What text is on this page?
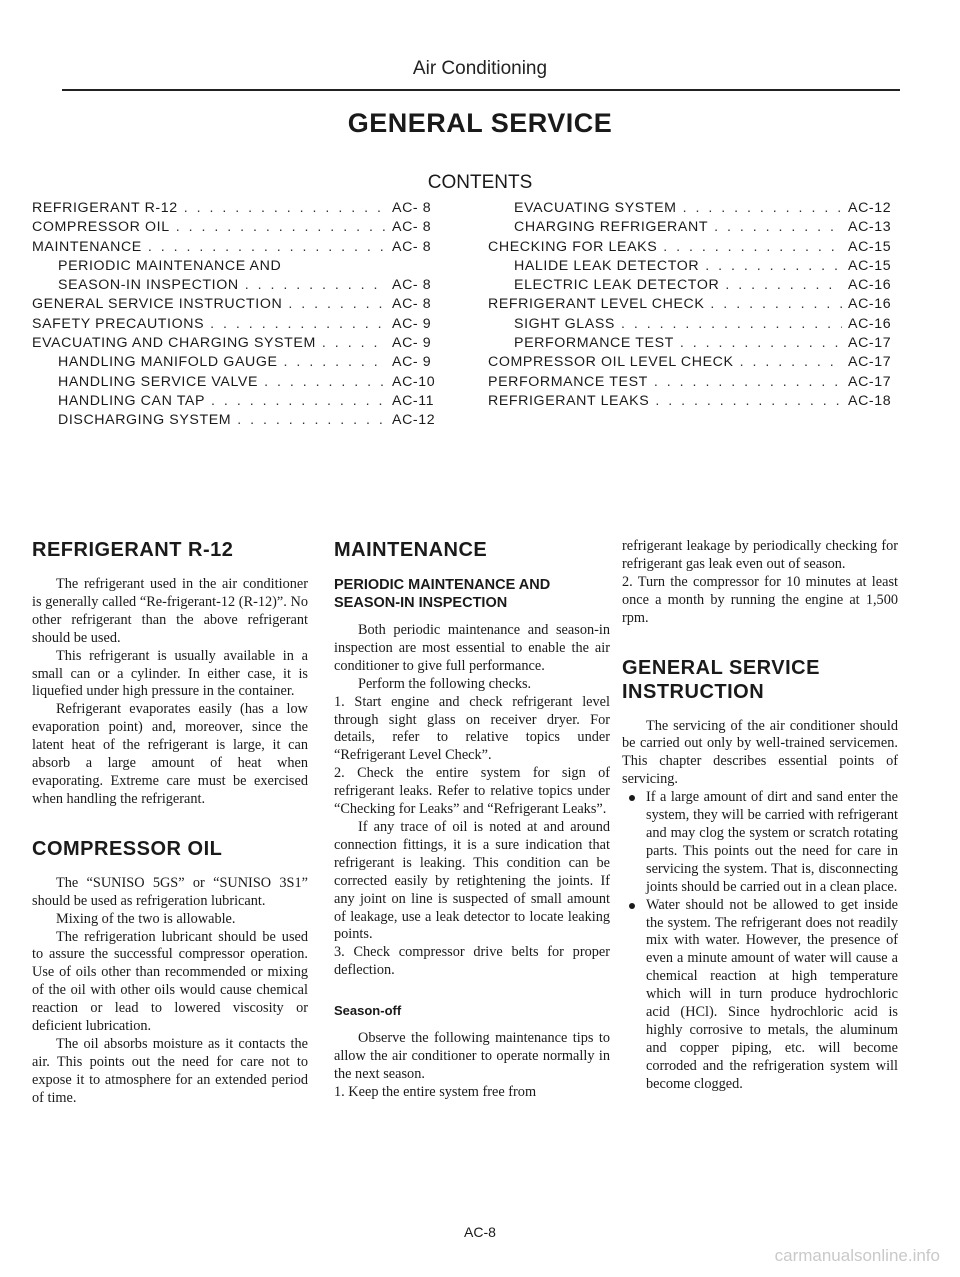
Air Conditioning
GENERAL SERVICE
CONTENTS
REFRIGERANT R-12 . . .	AC- 8
COMPRESSOR OIL . . .	AC- 8
MAINTENANCE . . .	AC- 8
PERIODIC MAINTENANCE AND
SEASON-IN INSPECTION . . .	AC- 8
GENERAL SERVICE INSTRUCTION . . .	AC- 8
SAFETY PRECAUTIONS . . .	AC- 9
EVACUATING AND CHARGING SYSTEM . . .	AC- 9
HANDLING MANIFOLD GAUGE . . .	AC- 9
HANDLING SERVICE VALVE . . .	AC-10
HANDLING CAN TAP . . .	AC-11
DISCHARGING SYSTEM . . .	AC-12
EVACUATING SYSTEM . . .	AC-12
CHARGING REFRIGERANT . . .	AC-13
CHECKING FOR LEAKS . . .	AC-15
HALIDE LEAK DETECTOR . . .	AC-15
ELECTRIC LEAK DETECTOR . . .	AC-16
REFRIGERANT LEVEL CHECK . . .	AC-16
SIGHT GLASS . . .	AC-16
PERFORMANCE TEST . . .	AC-17
COMPRESSOR OIL LEVEL CHECK . . .	AC-17
PERFORMANCE TEST . . .	AC-17
REFRIGERANT LEAKS . . .	AC-18
REFRIGERANT R-12

The refrigerant used in the air conditioner is generally called “Re-frigerant-12 (R-12)”. No other refrigerant than the above refrigerant should be used.

This refrigerant is usually available in a small can or a cylinder. In either case, it is liquefied under high pressure in the container.

Refrigerant evaporates easily (has a low evaporation point) and, moreover, since the latent heat of the refrigerant is large, it can absorb a large amount of heat when evaporating. Extreme care must be exercised when handling the refrigerant.

COMPRESSOR OIL

The “SUNISO 5GS” or “SUNISO 3S1” should be used as refrigeration lubricant.

Mixing of the two is allowable.

The refrigeration lubricant should be used to assure the successful compressor operation. Use of oils other than recommended or mixing of the oil with other oils would cause chemical reaction or lead to lowered viscosity or deficient lubrication.

The oil absorbs moisture as it contacts the air. This points out the need for care not to expose it to atmosphere for an extended period of time.

MAINTENANCE
PERIODIC MAINTENANCE AND SEASON-IN INSPECTION

Both periodic maintenance and season-in inspection are most essential to enable the air conditioner to give full performance.

Perform the following checks.

1. Start engine and check refrigerant level through sight glass on receiver dryer. For details, refer to relative topics under “Refrigerant Level Check”.

2. Check the entire system for sign of refrigerant leaks. Refer to relative topics under “Checking for Leaks” and “Refrigerant Leaks”.

If any trace of oil is noted at and around connection fittings, it is a sure indication that refrigerant is leaking. This condition can be corrected easily by retightening the joints. If any joint on line is suspected of small amount of leakage, use a leak detector to locate leaking points.

3. Check compressor drive belts for proper deflection.

Season-off

Observe the following maintenance tips to allow the air conditioner to operate normally in the next season.

1. Keep the entire system free from

refrigerant leakage by periodically checking for refrigerant gas leak even out of season.

2. Turn the compressor for 10 minutes at least once a month by running the engine at 1,500 rpm.

GENERAL SERVICE INSTRUCTION

The servicing of the air conditioner should be carried out only by well-trained servicemen. This chapter describes essential points of servicing.

If a large amount of dirt and sand enter the system, they will be carried with refrigerant and may clog the system or scratch rotating parts. This points out the need for care in servicing the system. That is, disconnecting joints should be carried out in a clean place.
Water should not be allowed to get inside the system. The refrigerant does not readily mix with water. However, the presence of even a minute amount of water will cause a chemical reaction at high temperature which will in turn produce hydrochloric acid (HCl). Since hydrochloric acid is highly corrosive to metals, the aluminum and copper piping, etc. will become corroded and the refrigeration system will become clogged.
AC-8
carmanualsonline.info
